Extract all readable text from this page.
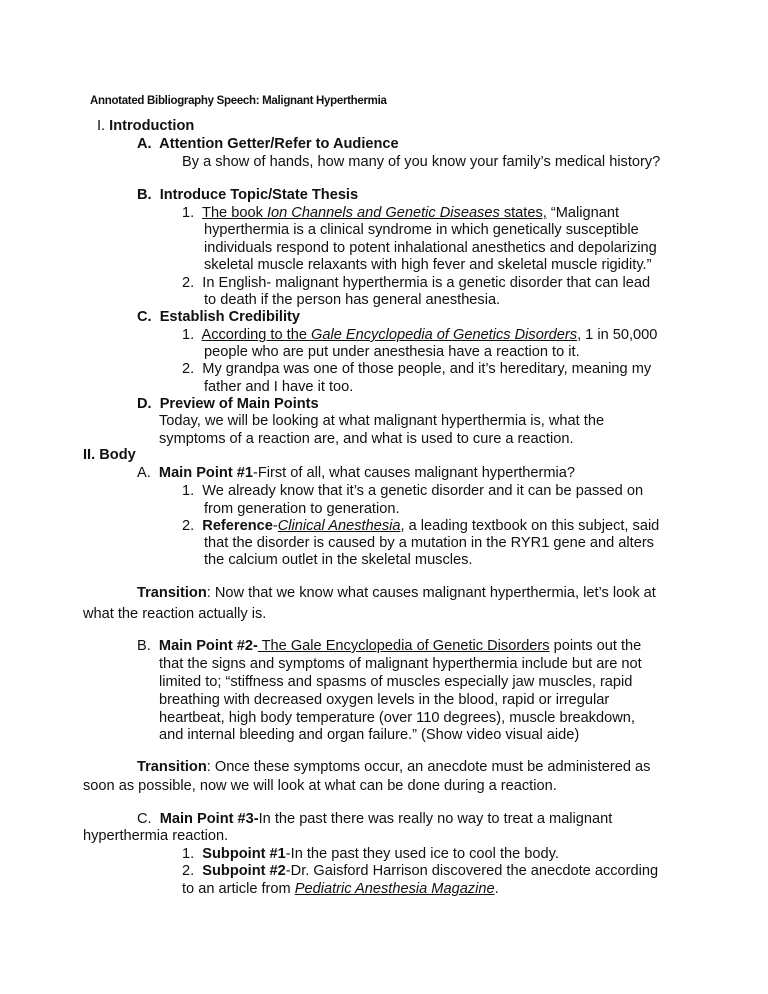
Annotated Bibliography Speech: Malignant Hyperthermia
I. Introduction
A. Attention Getter/Refer to Audience
By a show of hands, how many of you know your family’s medical history?
B. Introduce Topic/State Thesis
1. The book Ion Channels and Genetic Diseases states, “Malignant
hyperthermia is a clinical syndrome in which genetically susceptible
individuals respond to potent inhalational anesthetics and depolarizing
skeletal muscle relaxants with high fever and skeletal muscle rigidity.”
2. In English- malignant hyperthermia is a genetic disorder that can lead
to death if the person has general anesthesia.
C. Establish Credibility
1. According to the Gale Encyclopedia of Genetics Disorders, 1 in 50,000
people who are put under anesthesia have a reaction to it.
2. My grandpa was one of those people, and it’s hereditary, meaning my
father and I have it too.
D. Preview of Main Points
Today, we will be looking at what malignant hyperthermia is, what the
symptoms of a reaction are, and what is used to cure a reaction.
II. Body
A. Main Point #1-First of all, what causes malignant hyperthermia?
1. We already know that it’s a genetic disorder and it can be passed on
from generation to generation.
2. Reference-Clinical Anesthesia, a leading textbook on this subject, said
that the disorder is caused by a mutation in the RYR1 gene and alters
the calcium outlet in the skeletal muscles.
Transition: Now that we know what causes malignant hyperthermia, let’s look at
what the reaction actually is.
B. Main Point #2- The Gale Encyclopedia of Genetic Disorders points out the
that the signs and symptoms of malignant hyperthermia include but are not
limited to; “stiffness and spasms of muscles especially jaw muscles, rapid
breathing with decreased oxygen levels in the blood, rapid or irregular
heartbeat, high body temperature (over 110 degrees), muscle breakdown,
and internal bleeding and organ failure.” (Show video visual aide)
Transition: Once these symptoms occur, an anecdote must be administered as
soon as possible, now we will look at what can be done during a reaction.
C. Main Point #3-In the past there was really no way to treat a malignant
hyperthermia reaction.
1. Subpoint #1-In the past they used ice to cool the body.
2. Subpoint #2-Dr. Gaisford Harrison discovered the anecdote according
to an article from Pediatric Anesthesia Magazine.
